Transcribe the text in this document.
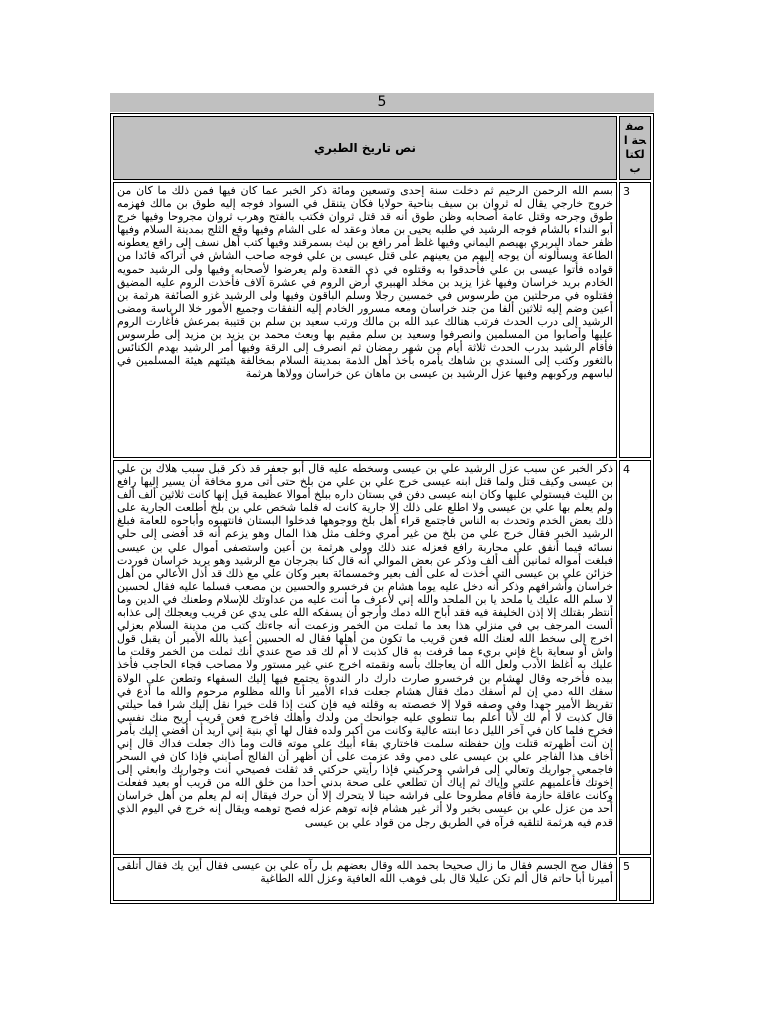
5
نص تاريخ الطبري	صفحة الكتاب
بسم الله الرحمن الرحيم ثم دخلت سنة إحدى وتسعين ومائة ذكر الخبر عما كان فيها فمن ذلك ما كان من خروج خارجي يقال له ثروان بن سيف بناحية حولايا فكان يتنقل في السواد فوجه إليه طوق بن مالك فهزمه طوق وجرحه وقتل عامة أصحابه وظن طوق أنه قد قتل ثروان فكتب بالفتح وهرب ثروان مجروحا وفيها خرج أبو النداء بالشام فوجه الرشيد في طلبه يحيى بن معاذ وعقد له على الشام وفيها وقع الثلج بمدينة السلام وفيها ظفر حماد البربري بهيصم اليماني وفيها غلظ أمر رافع بن ليث بسمرقند وفيها كتب أهل نسف إلى رافع يعطونه الطاعة ويسألونه أن يوجه إليهم من يعينهم على قتل عيسى بن علي فوجه صاحب الشاش في أتراكه قائدا من قواده فأتوا عيسى بن علي فأحدقوا به وقتلوه في ذي القعدة ولم يعرضوا لأصحابه وفيها ولى الرشيد حمويه الخادم بريد خراسان وفيها غزا يزيد بن مخلد الهبيري أرض الروم في عشرة آلاف فأخذت الروم عليه المضيق فقتلوه في مرحلتين من طرسوس في خمسين رجلا وسلم الباقون وفيها ولى الرشيد غزو الصائفة هرثمة بن أعين وضم إليه ثلاثين ألفا من جند خراسان ومعه مسرور الخادم إليه النفقات وجميع الأمور خلا الرياسة ومضى الرشيد إلى درب الحدث فرتب هنالك عبد الله بن مالك ورتب سعيد بن سلم بن قتيبة بمرعش فأغارت الروم عليها وأصابوا من المسلمين وانصرفوا وسعيد بن سلم مقيم بها وبعث محمد بن يزيد بن مزيد إلى طرسوس فأقام الرشيد بدرب الحدث ثلاثة أيام من شهر رمضان ثم انصرف إلى الرقة وفيها أمر الرشيد بهدم الكنائس بالثغور وكتب إلى السندي بن شاهك يأمره بأخذ أهل الذمة بمدينة السلام بمخالفة هيئتهم هيئة المسلمين في لباسهم وركوبهم وفيها عزل الرشيد بن عيسى بن ماهان عن خراسان وولاها هرثمة	3
ذكر الخبر عن سبب عزل الرشيد علي بن عيسى وسخطه عليه قال أبو جعفر قد ذكر قبل سبب هلاك بن علي بن عيسى وكيف قتل ولما قتل ابنه عيسى خرج علي بن علي من بلخ حتى أتى مرو مخافة أن يسير إليها رافع بن الليث فيستولي عليها وكان ابنه عيسى دفن في بستان داره ببلخ أموالا عظيمة قيل إنها كانت ثلاثين ألف ألف ولم يعلم بها علي بن عيسى ولا اطلع على ذلك إلا جارية كانت له فلما شخص علي بن بلخ أطلعت الجارية على ذلك بعض الخدم وتحدث به الناس فاجتمع قراء أهل بلخ ووجوهها فدخلوا البستان فانتهبوه وأباحوه للعامة فبلغ الرشيد الخبر فقال خرج علي من بلخ من غير أمري وخلف مثل هذا المال وهو يزعم أنه قد أفضى إلى حلي نسائه فيما أنفق على محاربة رافع فعزله عند ذلك وولى هرثمة بن أعين واستصفى أموال علي بن عيسى فبلغت أمواله ثمانين ألف ألف وذكر عن بعض الموالي أنه قال كنا بجرجان مع الرشيد وهو يريد خراسان فوردت خزائن علي بن عيسى التي أخذت له على ألف بعير وخمسمائة بعير وكان علي مع ذلك قد أذل الأعالي من أهل خراسان وأشرافهم وذكر أنه دخل عليه يوما هشام بن فرخسرو والحسين بن مصعب فسلما عليه فقال لحسين لا سلم الله عليك يا ملحد يا بن الملحد والله إني لأعرف ما أنت عليه من عداوتك للإسلام وطعنك في الدين وما أنتظر بقتلك إلا إذن الخليفة فيه فقد أباح الله دمك وأرجو أن يسفكه الله على يدي عن قريب ويعجلك إلى عذابه ألست المرجف بي في منزلي هذا بعد ما ثملت من الخمر وزعمت أنه جاءتك كتب من مدينة السلام بعزلي اخرج إلى سخط الله لعنك الله فعن قريب ما تكون من أهلها فقال له الحسين أعيذ بالله الأمير أن يقبل قول واش أو سعاية باغ فإني بريء مما قرفت به قال كذبت لا أم لك قد صح عندي أنك ثملت من الخمر وقلت ما عليك به أغلظ الأدب ولعل الله أن يعاجلك بأسه ونقمته اخرج عني غير مستور ولا مصاحب فجاء الحاجب فأخذ بيده فأخرجه وقال لهشام بن فرخسرو صارت دارك دار الندوة يجتمع فيها إليك السفهاء وتطعن على الولاة سفك الله دمي إن لم أسفك دمك فقال هشام جعلت فداء الأمير أنا والله مظلوم مرحوم والله ما أدع في تقريظ الأمير جهدا وفي وصفه قولا إلا خصصته به وقلته فيه فإن كنت إذا قلت خيرا نقل إليك شرا فما حيلتي قال كذبت لا أم لك لأنا أعلم بما تنطوي عليه جوانحك من ولدك وأهلك فاخرج فعن قريب أريح منك نفسي فخرج فلما كان في آخر الليل دعا ابنته عالية وكانت من أكبر ولده فقال لها أي بنية إني أريد أن أفضي إليك بأمر إن أنت أظهرته قتلت وإن حفظته سلمت فاختاري بقاء أبيك على موته قالت وما ذاك جعلت فداك قال إني أخاف هذا الفاجر علي بن عيسى على دمي وقد عزمت على أن أظهر أن الفالج أصابني فإذا كان في السحر فاجمعي جواريك وتعالي إلى فراشي وحركيني فإذا رأيتي حركتي قد ثقلت فصيحي أنت وجواريك وابعثي إلى إخوتك فأعلميهم علتي وإياك ثم إياك أن تطلعي على صحة بدني أحدا من خلق الله من قريب أو بعيد ففعلت وكانت عاقلة حازمة فأقام مطروحا على فراشه حينا لا يتحرك إلا أن حرك فيقال إنه لم يعلم من أهل خراسان أحد من عزل علي بن عيسى بخبر ولا أثر غير هشام فإنه توهم عزله فصح توهمه ويقال إنه خرج في اليوم الذي قدم فيه هرثمة لتلقيه فرآه في الطريق رجل من قواد علي بن عيسى	4
فقال صح الجسم فقال ما زال صحيحا بحمد الله وقال بعضهم بل رآه علي بن عيسى فقال أين يك فقال أتلقى أميرنا أبا حاتم قال ألم تكن عليلا قال بلى فوهب الله العافية وعزل الله الطاغية	5
